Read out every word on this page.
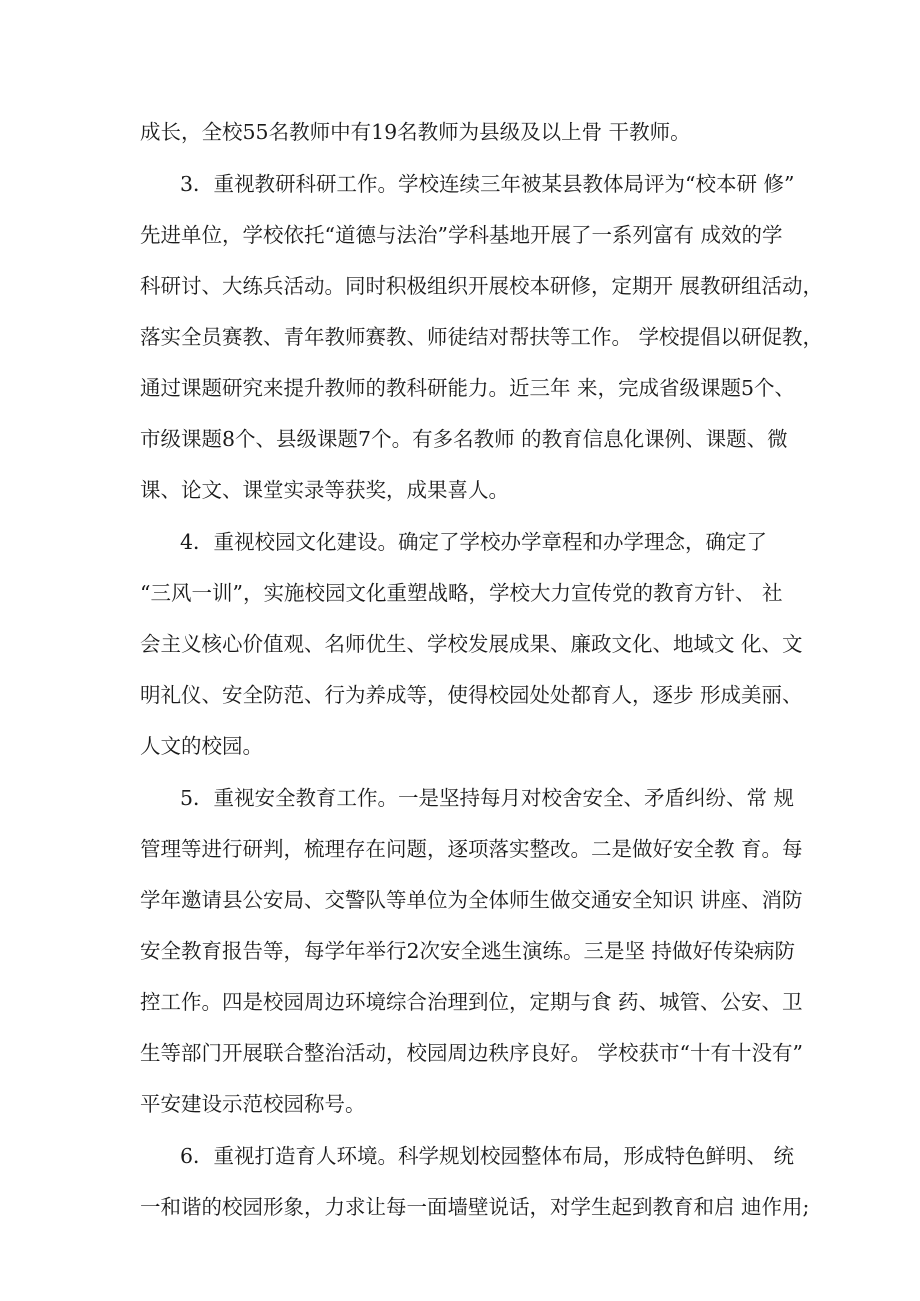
成长，全校55名教师中有19名教师为县级及以上骨 干教师。
3．重视教研科研工作。学校连续三年被某县教体局评为“校本研 修”
先进单位，学校依托“道德与法治”学科基地开展了一系列富有 成效的学
科研讨、大练兵活动。同时积极组织开展校本研修，定期开 展教研组活动，
落实全员赛教、青年教师赛教、师徒结对帮扶等工作。 学校提倡以研促教，
通过课题研究来提升教师的教科研能力。近三年 来，完成省级课题5个、
市级课题8个、县级课题7个。有多名教师 的教育信息化课例、课题、微
课、论文、课堂实录等获奖，成果喜人。
4．重视校园文化建设。确定了学校办学章程和办学理念，确定了
“三风一训”，实施校园文化重塑战略，学校大力宣传党的教育方针、 社
会主义核心价值观、名师优生、学校发展成果、廉政文化、地域文 化、文
明礼仪、安全防范、行为养成等，使得校园处处都育人，逐步 形成美丽、
人文的校园。
5．重视安全教育工作。一是坚持每月对校舍安全、矛盾纠纷、常 规
管理等进行研判，梳理存在问题，逐项落实整改。二是做好安全教 育。每
学年邀请县公安局、交警队等单位为全体师生做交通安全知识 讲座、消防
安全教育报告等，每学年举行2次安全逃生演练。三是坚 持做好传染病防
控工作。四是校园周边环境综合治理到位，定期与食 药、城管、公安、卫
生等部门开展联合整治活动，校园周边秩序良好。 学校获市“十有十没有”
平安建设示范校园称号。
6．重视打造育人环境。科学规划校园整体布局，形成特色鲜明、 统
一和谐的校园形象，力求让每一面墙壁说话，对学生起到教育和启 迪作用;
